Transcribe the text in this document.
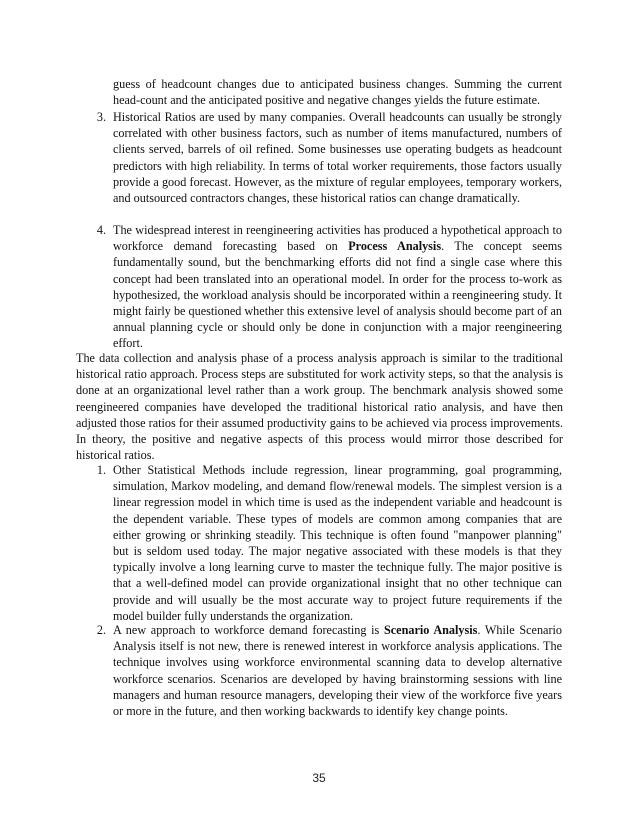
guess of headcount changes due to anticipated business changes. Summing the current head-count and the anticipated positive and negative changes yields the future estimate.

3. Historical Ratios are used by many companies. Overall headcounts can usually be strongly correlated with other business factors, such as number of items manufactured, numbers of clients served, barrels of oil refined. Some businesses use operating budgets as headcount predictors with high reliability. In terms of total worker requirements, those factors usually provide a good forecast. However, as the mixture of regular employees, temporary workers, and outsourced contractors changes, these historical ratios can change dramatically.

4. The widespread interest in reengineering activities has produced a hypothetical approach to workforce demand forecasting based on Process Analysis. The concept seems fundamentally sound, but the benchmarking efforts did not find a single case where this concept had been translated into an operational model. In order for the process to-work as hypothesized, the workload analysis should be incorporated within a reengineering study. It might fairly be questioned whether this extensive level of analysis should become part of an annual planning cycle or should only be done in conjunction with a major reengineering effort.

The data collection and analysis phase of a process analysis approach is similar to the traditional historical ratio approach. Process steps are substituted for work activity steps, so that the analysis is done at an organizational level rather than a work group. The benchmark analysis showed some reengineered companies have developed the traditional historical ratio analysis, and have then adjusted those ratios for their assumed productivity gains to be achieved via process improvements. In theory, the positive and negative aspects of this process would mirror those described for historical ratios.

1. Other Statistical Methods include regression, linear programming, goal programming, simulation, Markov modeling, and demand flow/renewal models. The simplest version is a linear regression model in which time is used as the independent variable and headcount is the dependent variable. These types of models are common among companies that are either growing or shrinking steadily. This technique is often found "manpower planning" but is seldom used today. The major negative associated with these models is that they typically involve a long learning curve to master the technique fully. The major positive is that a well-defined model can provide organizational insight that no other technique can provide and will usually be the most accurate way to project future requirements if the model builder fully understands the organization.

2. A new approach to workforce demand forecasting is Scenario Analysis. While Scenario Analysis itself is not new, there is renewed interest in workforce analysis applications. The technique involves using workforce environmental scanning data to develop alternative workforce scenarios. Scenarios are developed by having brainstorming sessions with line managers and human resource managers, developing their view of the workforce five years or more in the future, and then working backwards to identify key change points.

35
